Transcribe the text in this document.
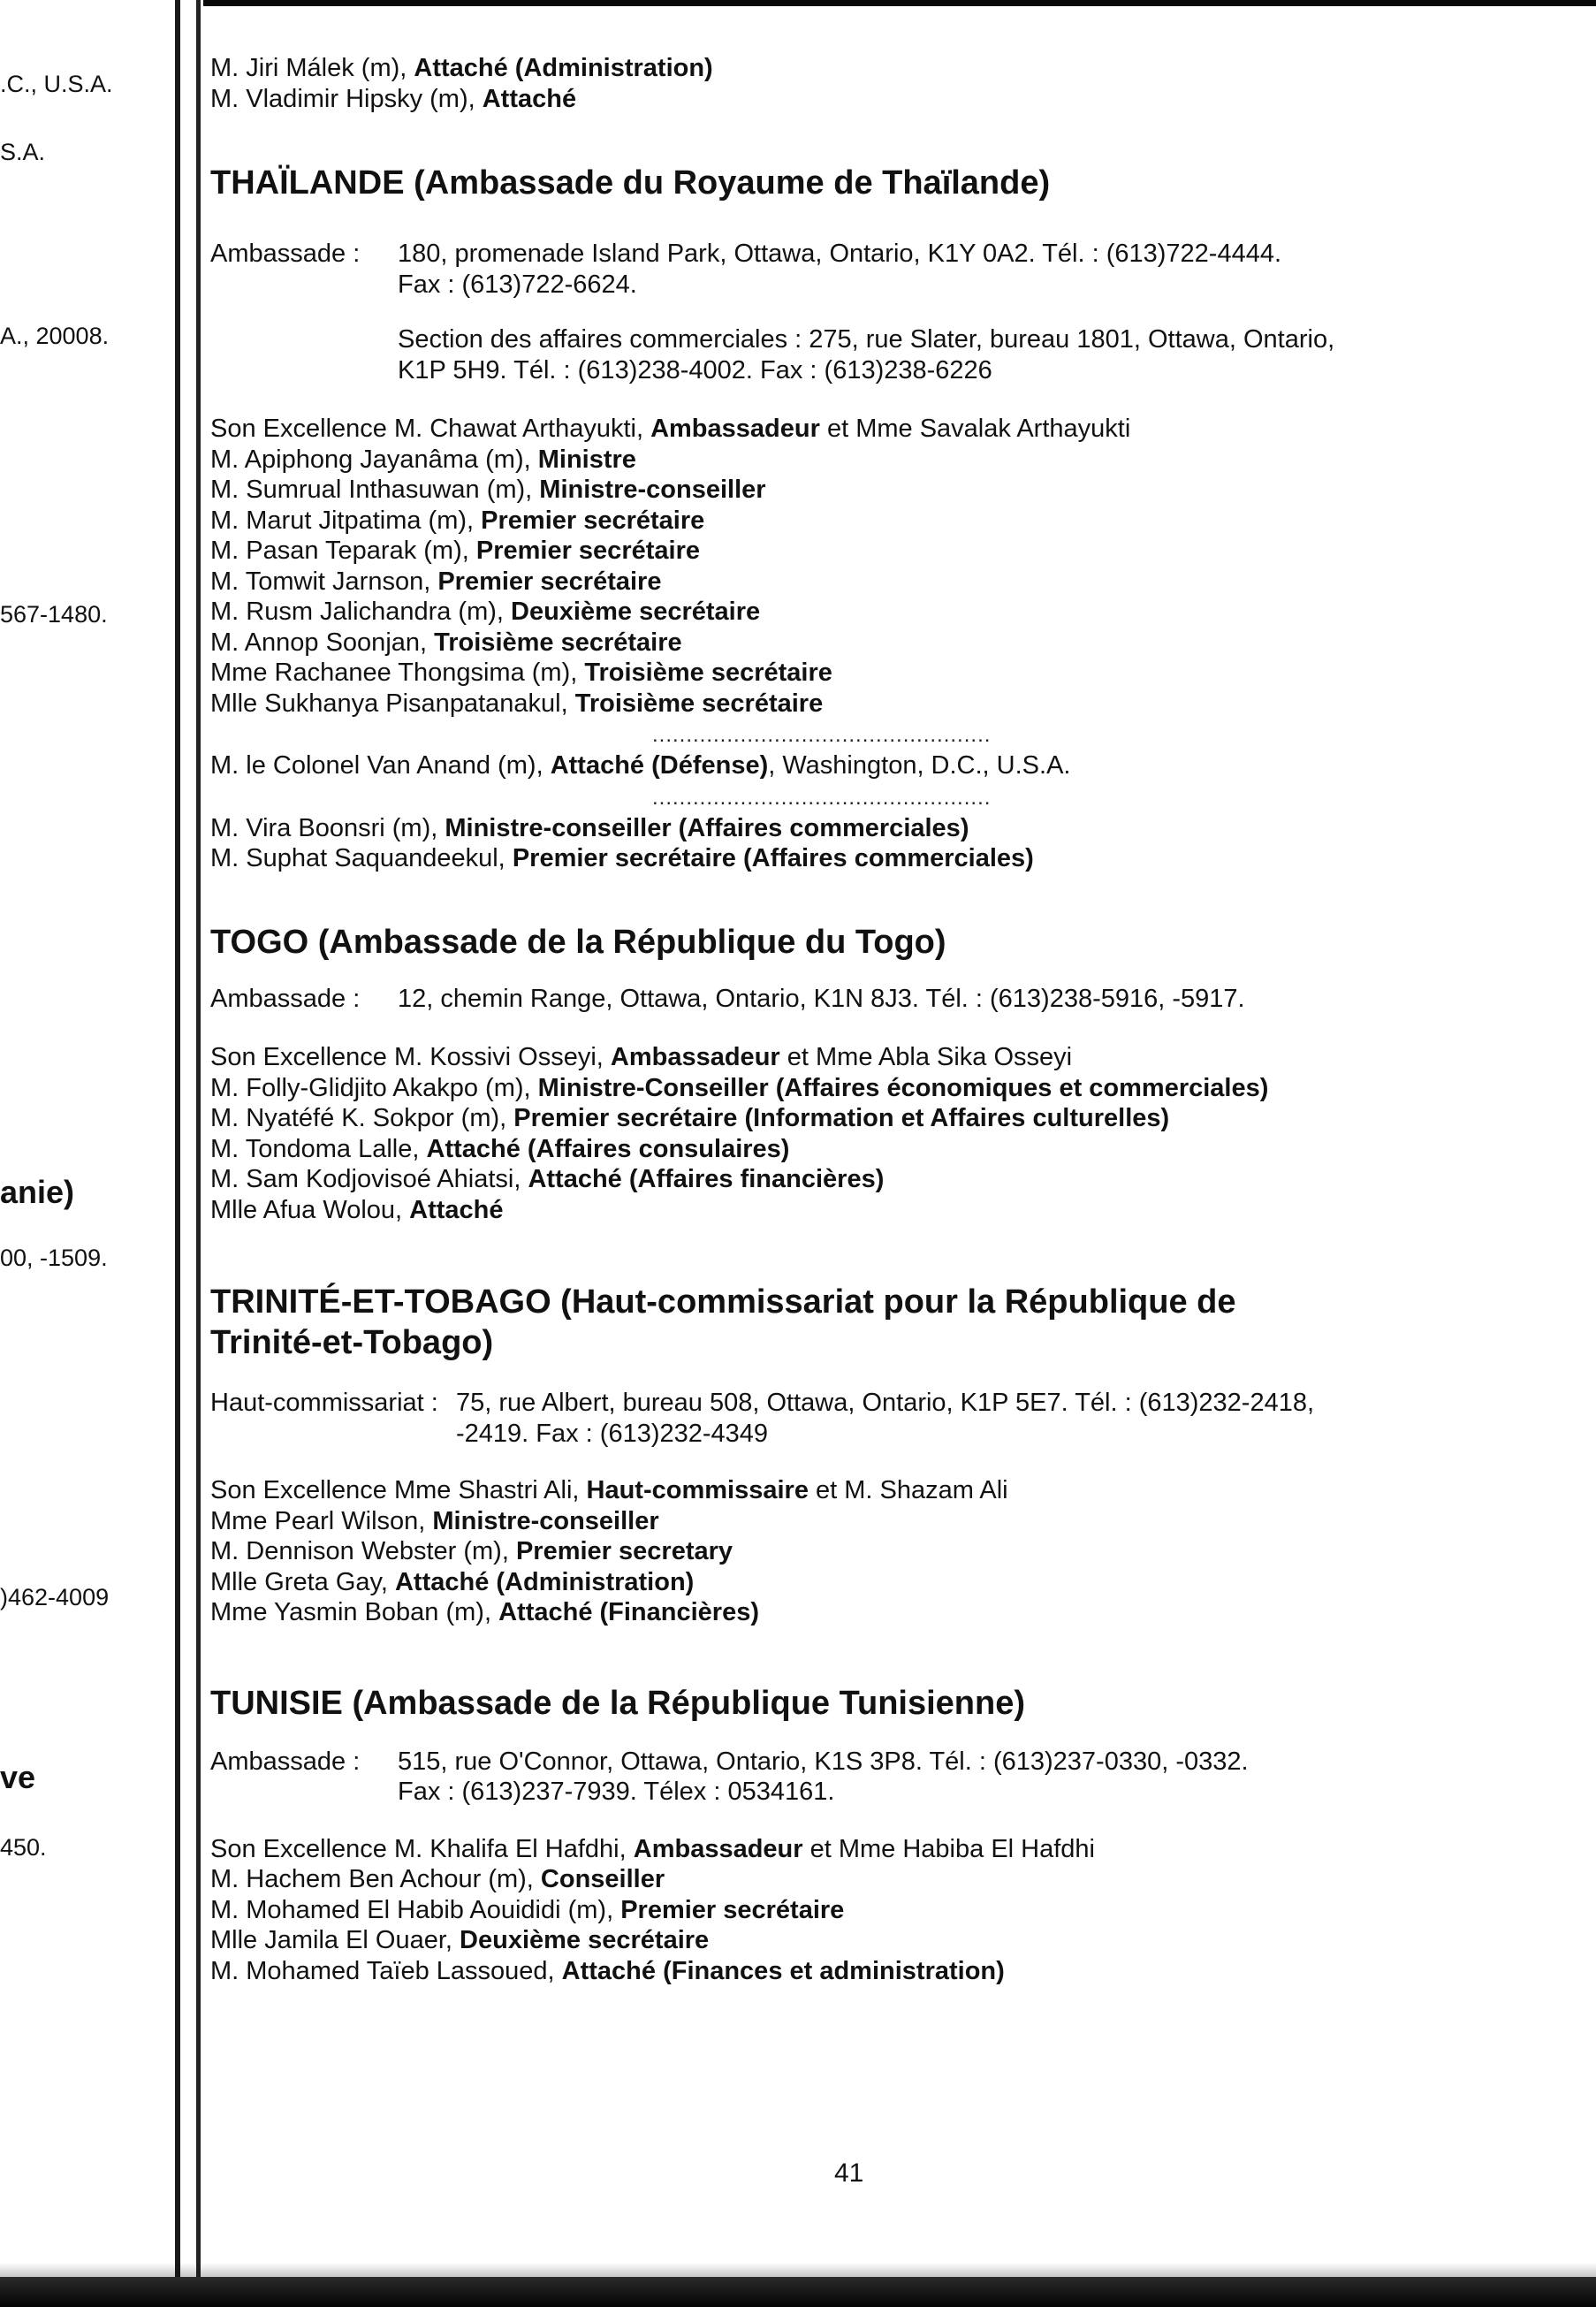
.C., U.S.A.
S.A.
A., 20008.
567-1480.
anie)
00, -1509.
)462-4009
ve
450.
M. Jiri Málek (m), Attaché (Administration)
M. Vladimir Hipsky (m), Attaché
THAÏLANDE (Ambassade du Royaume de Thaïlande)
Ambassade :	180, promenade Island Park, Ottawa, Ontario, K1Y 0A2. Tél. : (613)722-4444.
Fax : (613)722-6624.
Section des affaires commerciales : 275, rue Slater, bureau 1801, Ottawa, Ontario,
K1P 5H9. Tél. : (613)238-4002. Fax : (613)238-6226
Son Excellence M. Chawat Arthayukti, Ambassadeur et Mme Savalak Arthayukti
M. Apiphong Jayanâma (m), Ministre
M. Sumrual Inthasuwan (m), Ministre-conseiller
M. Marut Jitpatima (m), Premier secrétaire
M. Pasan Teparak (m), Premier secrétaire
M. Tomwit Jarnson, Premier secrétaire
M. Rusm Jalichandra (m), Deuxième secrétaire
M. Annop Soonjan, Troisième secrétaire
Mme Rachanee Thongsima (m), Troisième secrétaire
Mlle Sukhanya Pisanpatanakul, Troisième secrétaire
..................................................
M. le Colonel Van Anand (m), Attaché (Défense), Washington, D.C., U.S.A.
..................................................
M. Vira Boonsri (m), Ministre-conseiller (Affaires commerciales)
M. Suphat Saquandeekul, Premier secrétaire (Affaires commerciales)
TOGO (Ambassade de la République du Togo)
Ambassade :	12, chemin Range, Ottawa, Ontario, K1N 8J3. Tél. : (613)238-5916, -5917.
Son Excellence M. Kossivi Osseyi, Ambassadeur et Mme Abla Sika Osseyi
M. Folly-Glidjito Akakpo (m), Ministre-Conseiller (Affaires économiques et commerciales)
M. Nyatéfé K. Sokpor (m), Premier secrétaire (Information et Affaires culturelles)
M. Tondoma Lalle, Attaché (Affaires consulaires)
M. Sam Kodjovisoé Ahiatsi, Attaché (Affaires financières)
Mlle Afua Wolou, Attaché
TRINITÉ-ET-TOBAGO (Haut-commissariat pour la République de
Trinité-et-Tobago)
Haut-commissariat : 75, rue Albert, bureau 508, Ottawa, Ontario, K1P 5E7. Tél. : (613)232-2418,
-2419. Fax : (613)232-4349
Son Excellence Mme Shastri Ali, Haut-commissaire et M. Shazam Ali
Mme Pearl Wilson, Ministre-conseiller
M. Dennison Webster (m), Premier secretary
Mlle Greta Gay, Attaché (Administration)
Mme Yasmin Boban (m), Attaché (Financières)
TUNISIE (Ambassade de la République Tunisienne)
Ambassade :	515, rue O'Connor, Ottawa, Ontario, K1S 3P8. Tél. : (613)237-0330, -0332.
Fax : (613)237-7939. Télex : 0534161.
Son Excellence M. Khalifa El Hafdhi, Ambassadeur et Mme Habiba El Hafdhi
M. Hachem Ben Achour (m), Conseiller
M. Mohamed El Habib Aouididi (m), Premier secrétaire
Mlle Jamila El Ouaer, Deuxième secrétaire
M. Mohamed Taïeb Lassoued, Attaché (Finances et administration)
41
